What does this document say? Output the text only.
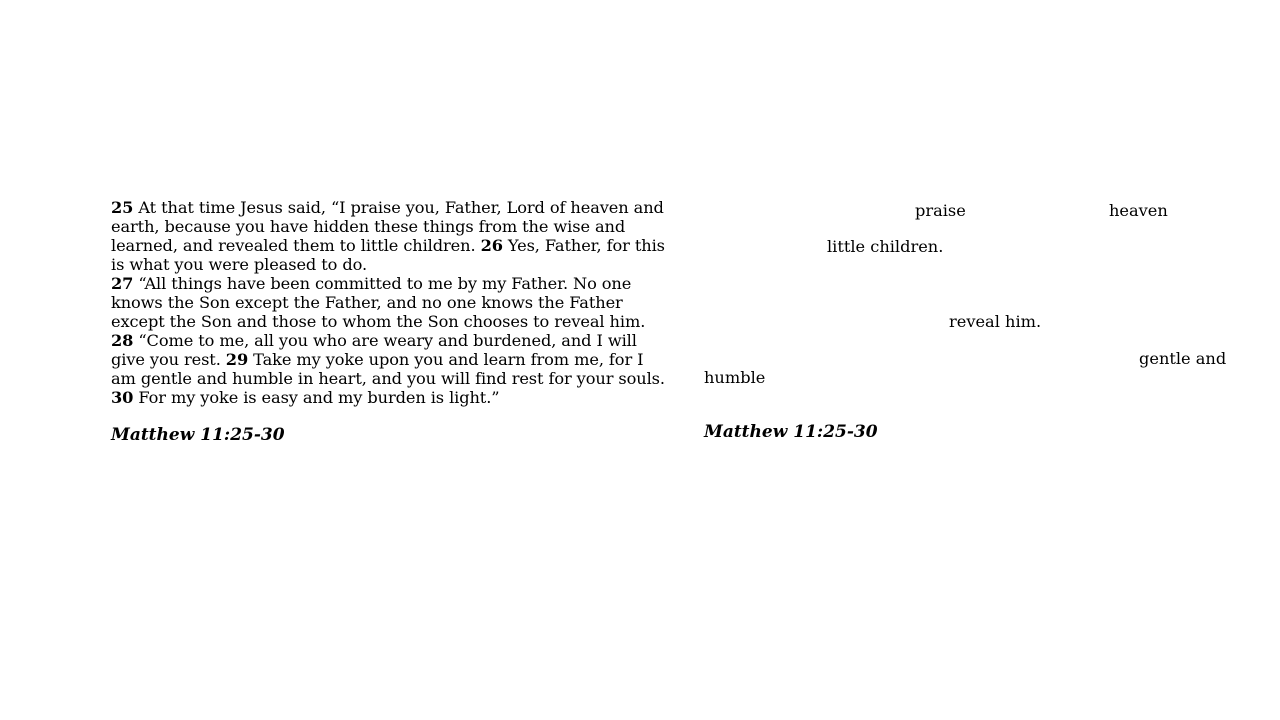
25 At that time Jesus said, “I praise you, Father, Lord of heaven and earth, because you have hidden these things from the wise and learned, and revealed them to little children. 26 Yes, Father, for this is what you were pleased to do.

27 “All things have been committed to me by my Father. No one knows the Son except the Father, and no one knows the Father except the Son and those to whom the Son chooses to reveal him.

28 “Come to me, all you who are weary and burdened, and I will give you rest. 29 Take my yoke upon you and learn from me, for I am gentle and humble in heart, and you will find rest for your souls. 30 For my yoke is easy and my burden is light.”

Matthew 11:25-30
praise	heaven
little children.
reveal him.
gentle and
humble
Matthew 11:25-30
